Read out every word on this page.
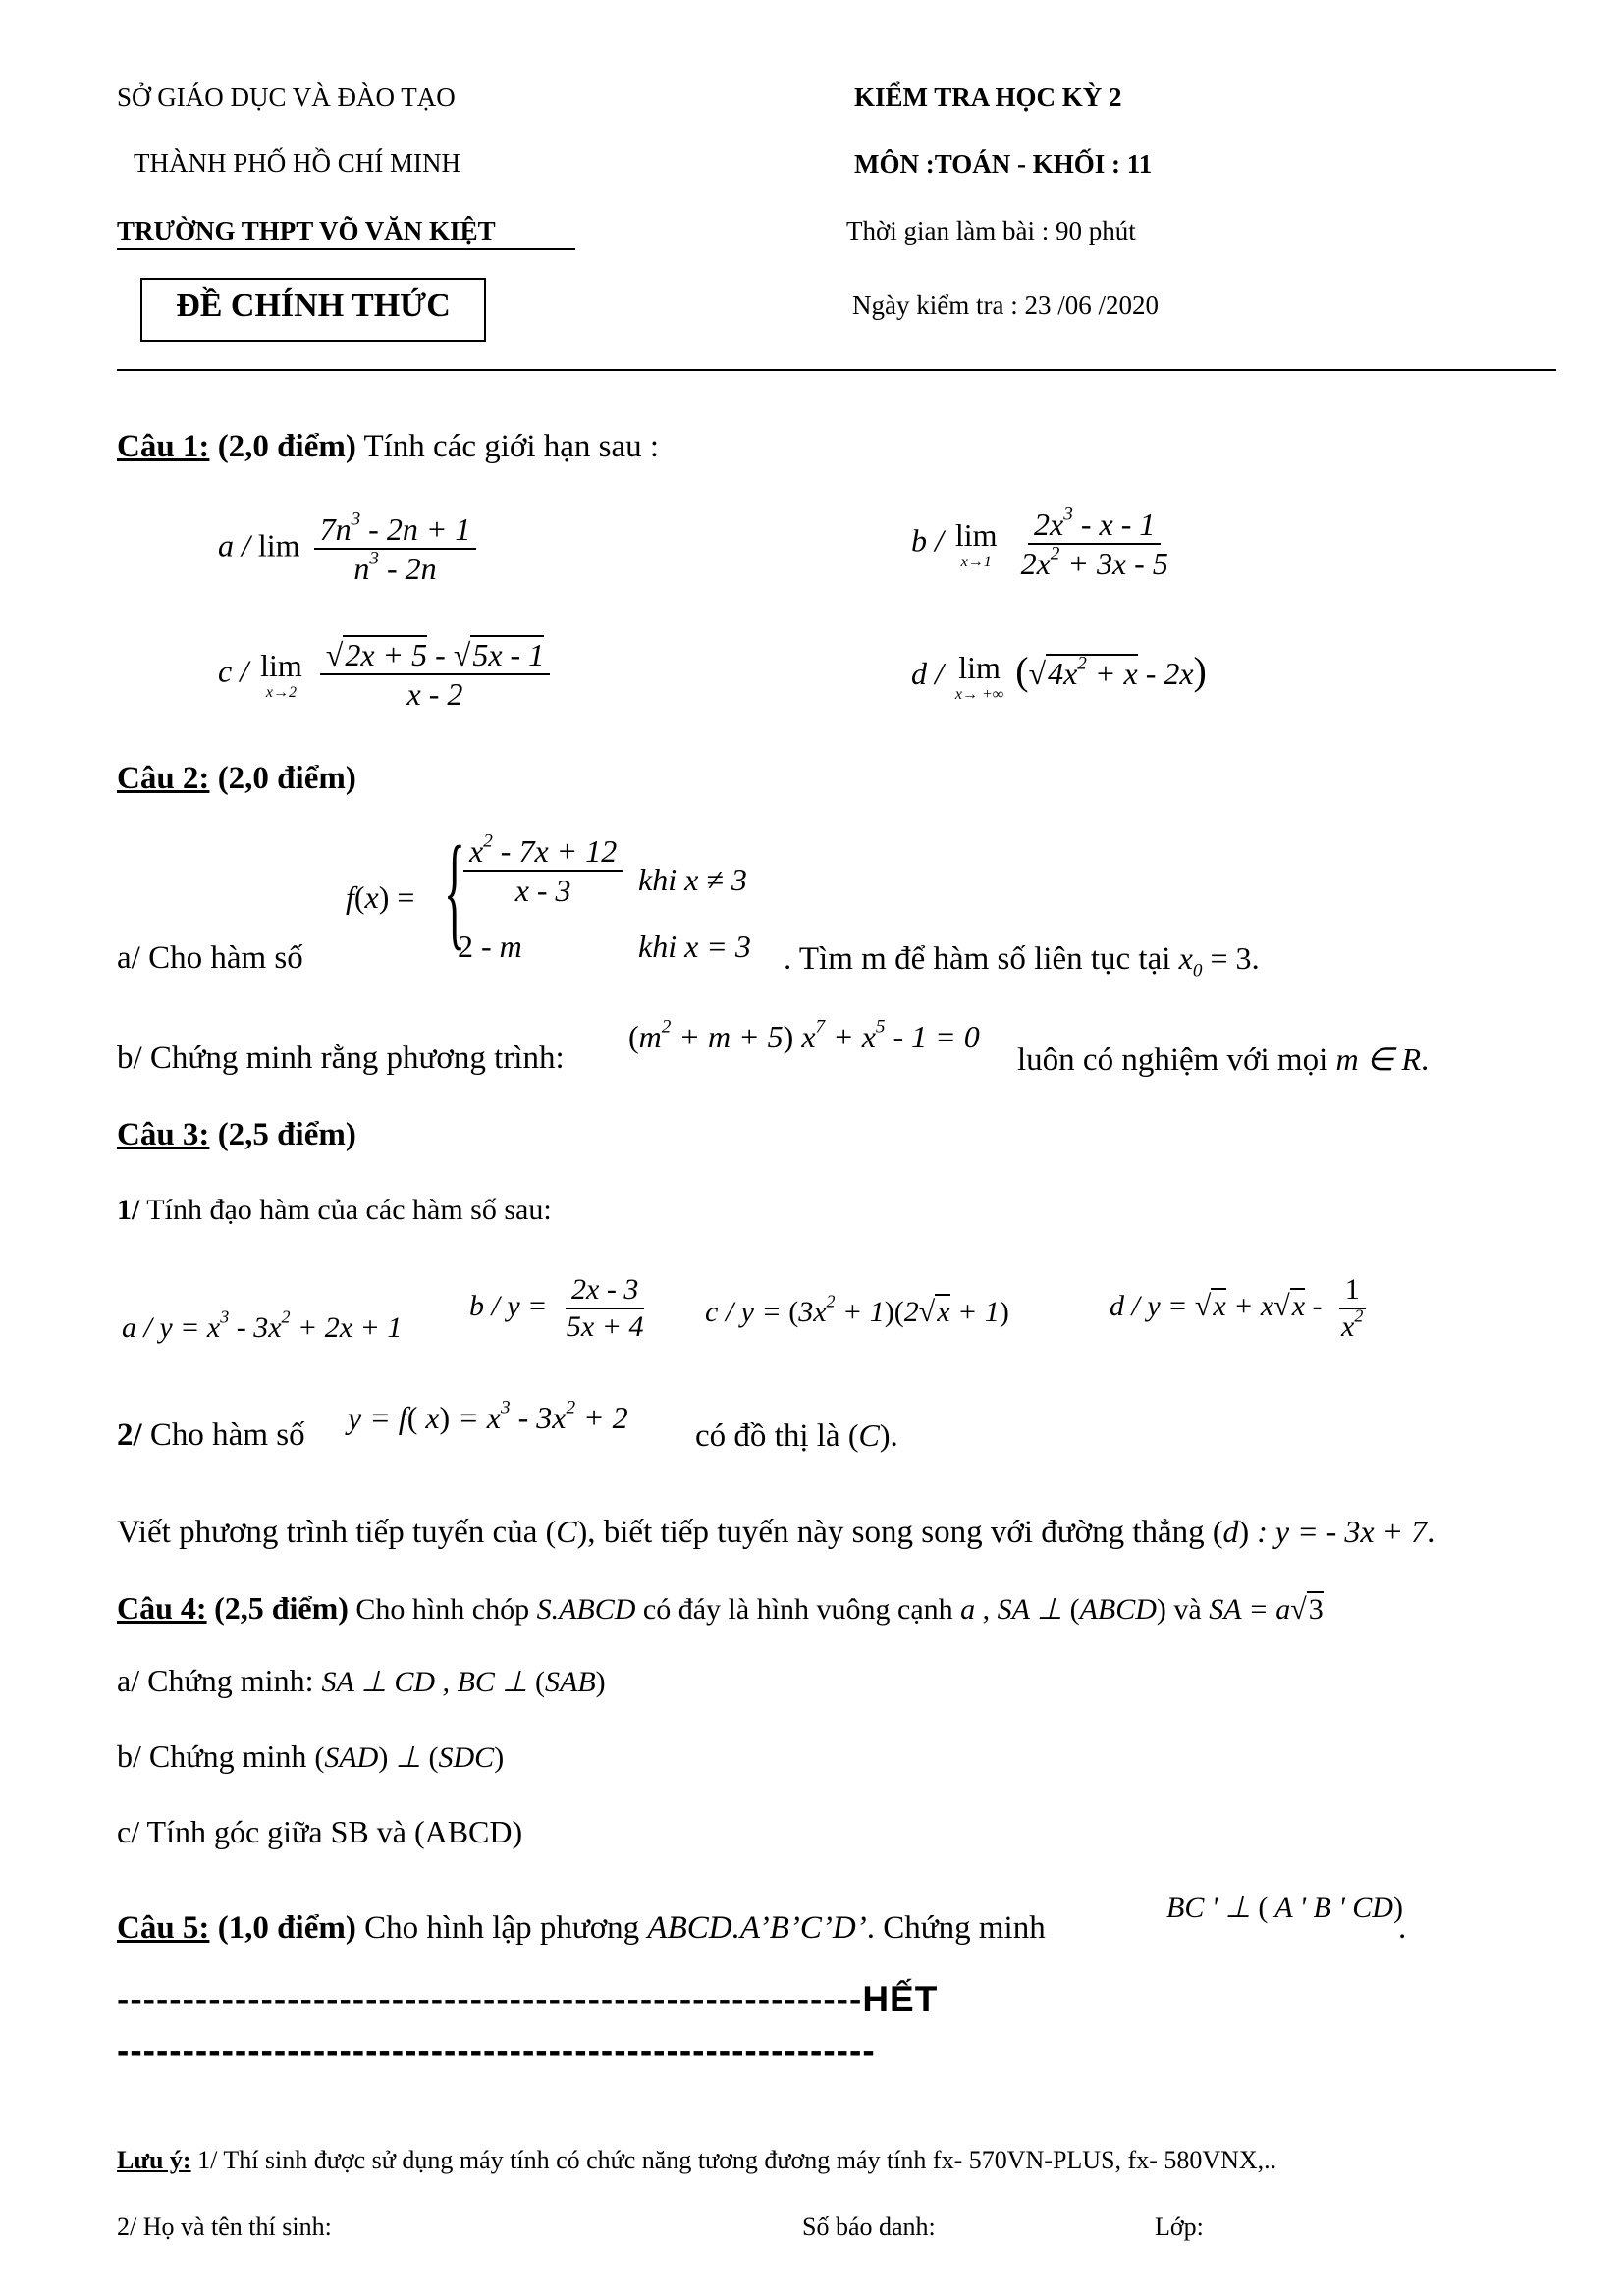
SỞ GIÁO DỤC VÀ ĐÀO TẠO
THÀNH PHỐ HỒ CHÍ MINH
TRƯỜNG THPT VÕ VĂN KIỆT
ĐỀ CHÍNH THỨC
KIỂM TRA HỌC KỲ 2
MÔN :TOÁN - KHỐI : 11
Thời gian làm bài : 90 phút
Ngày kiểm tra : 23 /06 /2020
Câu 1: (2,0 điểm) Tính các giới hạn sau :
a / $\lim \frac{7n^3 - 2n + 1}{n^3 - 2n}$	b / lim
x→1
$\frac{2x^3 - x - 1}{2x^2 + 3x - 5}$
c / lim
x→2
$\frac{√2x + 5 - √5x - 1}{x - 2}$	d / lim
x→ +∞
$(√4x^2 + x - 2x)$
Câu 2: (2,0 điểm)
f(x) = {
$\frac{x^2 - 7x + 12}{x - 3}$ khi x ≠ 3
2 - m	khi x = 3
a/ Cho hàm số	. Tìm m để hàm số liên tục tại $x_0 = 3$.
b/ Chứng minh rằng phương trình:
$(m^2 + m + 5) x^7 + x^5 - 1 = 0$
luôn có nghiệm với mọi m ∈ R.
Câu 3: (2,5 điểm)
1/ Tính đạo hàm của các hàm số sau:
$a / y = x^3 - 3x^2 + 2x + 1$
$b / y = \frac{2x - 3}{5x + 4}$ $c / y = (3x^2 + 1)(2√x + 1)$	$d / y = √x + x√x - \frac{1}{x^2}$
2/ Cho hàm số y = f( $x) = x^3 - 3x^2 + 2$
có đồ thị là (C).
Viết phương trình tiếp tuyến của (C), biết tiếp tuyến này song song với đường thẳng (d) : y = - 3x + 7.
Câu 4: (2,5 điểm) Cho hình chóp S.ABCD có đáy là hình vuông cạnh a , SA ⊥ (ABCD) và SA = a√3
a/ Chứng minh: SA ⊥ CD , BC ⊥ (SAB)
b/ Chứng minh (SAD) ⊥ (SDC)
c/ Tính góc giữa SB và (ABCD)
Câu 5: (1,0 điểm) Cho hình lập phương ABCD.A’B’C’D’. Chứng minh
BC ' ⊥ ( A ' B ' CD)
.
---------------------------------------------------------HẾT
----------------------------------------------------------
Lưu ý: 1/ Thí sinh được sử dụng máy tính có chức năng tương đương máy tính fx- 570VN-PLUS, fx- 580VNX,..
2/ Họ và tên thí sinh:	Số báo danh:	Lớp:
